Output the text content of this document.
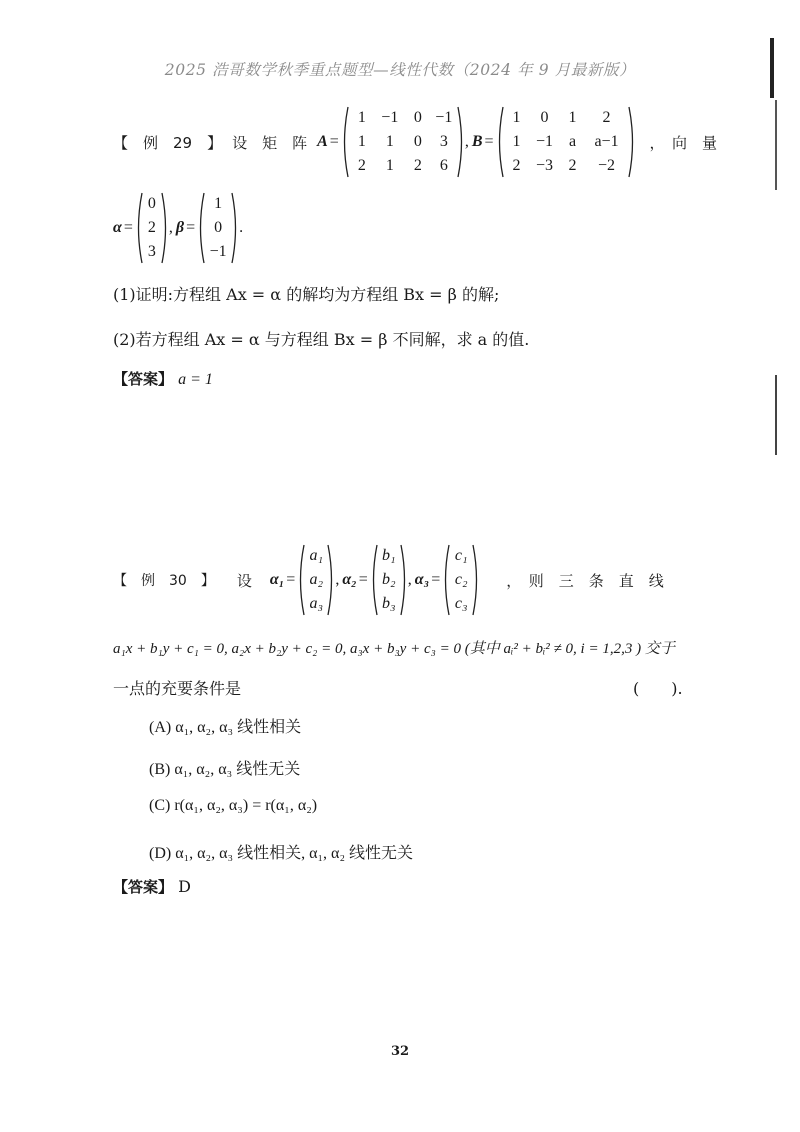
2025 浩哥数学秋季重点题型—线性代数（2024 年 9 月最新版）
【　例　29　】 设　矩　阵 A =
1 −1 0 −1
1	1	0	3
2	1	2	6
, B =
1	0	1	2
1 −1 a	a−1
2 −3 2	−2
，　向　量
α =
0
2
3
, β =
1
0
−1
.
(1)证明:方程组 Ax = α 的解均为方程组 Bx = β 的解;
(2)若方程组 Ax = α 与方程组 Bx = β 不同解，求 a 的值.
【答案】 a = 1
【　例　30　】 设 α₁ =
a₁
a₂
a₃
, α₂ =
b₁
b₂
b₃
, α₃ =
c₁
c₂
c₃
，　则　三　条　直　线
a₁x + b₁y + c₁ = 0, a₂x + b₂y + c₂ = 0, a₃x + b₃y + c₃ = 0 (其中 aᵢ² + bᵢ² ≠ 0, i = 1,2,3 ) 交于
一点的充要条件是	(　　).
(A) α₁, α₂, α₃ 线性相关
(B) α₁, α₂, α₃ 线性无关
(C) r(α₁, α₂, α₃) = r(α₁, α₂)
(D) α₁, α₂, α₃ 线性相关, α₁, α₂ 线性无关
【答案】 D
32
